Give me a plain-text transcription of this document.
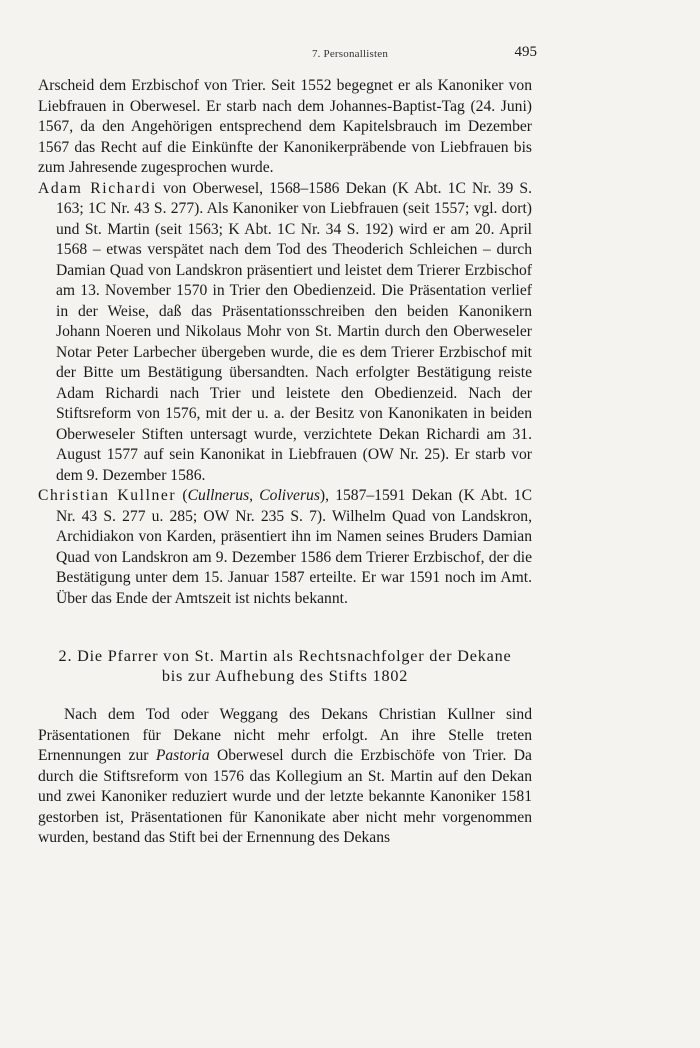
7. Personallisten	495

Arscheid dem Erzbischof von Trier. Seit 1552 begegnet er als Kanoniker von Liebfrauen in Oberwesel. Er starb nach dem Johannes-Baptist-Tag (24. Juni) 1567, da den Angehörigen entsprechend dem Kapitelsbrauch im Dezember 1567 das Recht auf die Einkünfte der Kanonikerpräbende von Liebfrauen bis zum Jahresende zugesprochen wurde.

Adam Richardi von Oberwesel, 1568–1586 Dekan (K Abt. 1C Nr. 39 S. 163; 1C Nr. 43 S. 277). Als Kanoniker von Liebfrauen (seit 1557; vgl. dort) und St. Martin (seit 1563; K Abt. 1C Nr. 34 S. 192) wird er am 20. April 1568 – etwas verspätet nach dem Tod des Theoderich Schleichen – durch Damian Quad von Landskron präsentiert und leistet dem Trierer Erzbischof am 13. November 1570 in Trier den Obedienzeid. Die Präsentation verlief in der Weise, daß das Präsentationsschreiben den beiden Kanonikern Johann Noeren und Nikolaus Mohr von St. Martin durch den Oberweseler Notar Peter Larbecher übergeben wurde, die es dem Trierer Erzbischof mit der Bitte um Bestätigung übersandten. Nach erfolgter Bestätigung reiste Adam Richardi nach Trier und leistete den Obedienzeid. Nach der Stiftsreform von 1576, mit der u. a. der Besitz von Kanonikaten in beiden Oberweseler Stiften untersagt wurde, verzichtete Dekan Richardi am 31. August 1577 auf sein Kanonikat in Liebfrauen (OW Nr. 25). Er starb vor dem 9. Dezember 1586.

Christian Kullner (Cullnerus, Coliverus), 1587–1591 Dekan (K Abt. 1C Nr. 43 S. 277 u. 285; OW Nr. 235 S. 7). Wilhelm Quad von Landskron, Archidiakon von Karden, präsentiert ihn im Namen seines Bruders Damian Quad von Landskron am 9. Dezember 1586 dem Trierer Erzbischof, der die Bestätigung unter dem 15. Januar 1587 erteilte. Er war 1591 noch im Amt. Über das Ende der Amtszeit ist nichts bekannt.

2. Die Pfarrer von St. Martin als Rechtsnachfolger der Dekane
bis zur Aufhebung des Stifts 1802

Nach dem Tod oder Weggang des Dekans Christian Kullner sind Präsentationen für Dekane nicht mehr erfolgt. An ihre Stelle treten Ernennungen zur Pastoria Oberwesel durch die Erzbischöfe von Trier. Da durch die Stiftsreform von 1576 das Kollegium an St. Martin auf den Dekan und zwei Kanoniker reduziert wurde und der letzte bekannte Kanoniker 1581 gestorben ist, Präsentationen für Kanonikate aber nicht mehr vorgenommen wurden, bestand das Stift bei der Ernennung des Dekans
